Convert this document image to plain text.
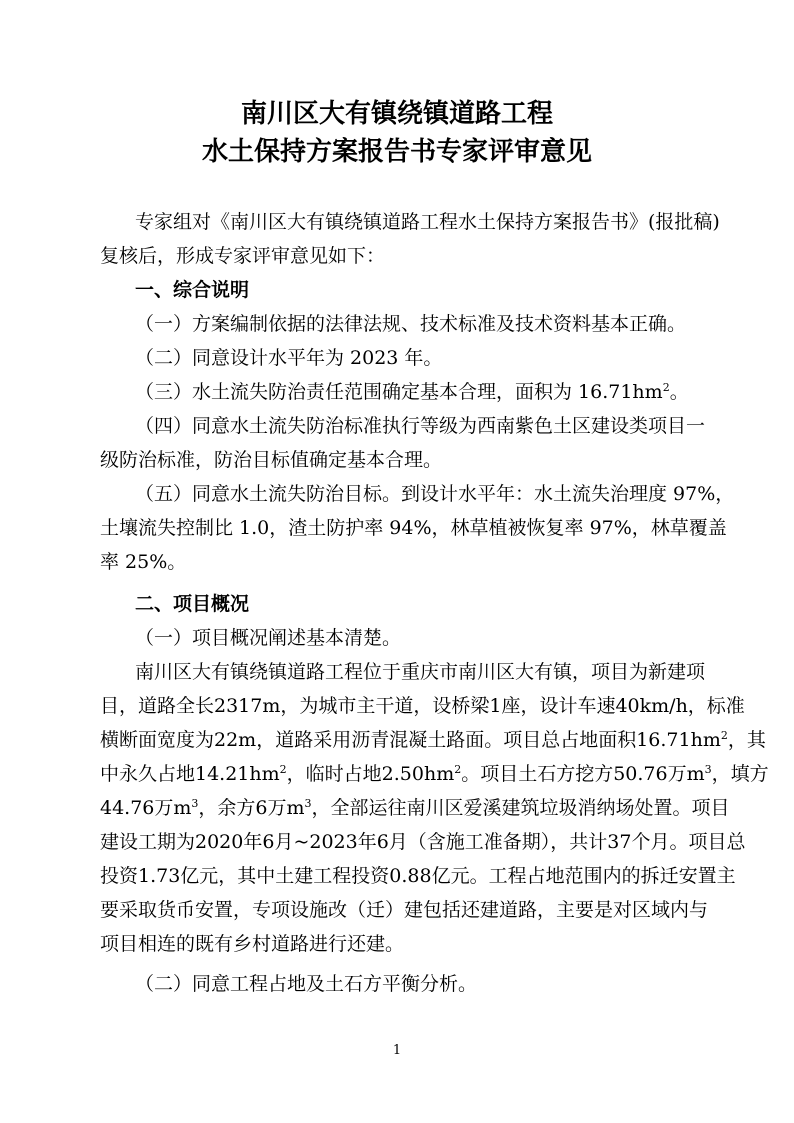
南川区大有镇绕镇道路工程
水土保持方案报告书专家评审意见
专家组对《南川区大有镇绕镇道路工程水土保持方案报告书》(报批稿)
复核后，形成专家评审意见如下：
一、综合说明
（一）方案编制依据的法律法规、技术标准及技术资料基本正确。
（二）同意设计水平年为 2023 年。
（三）水土流失防治责任范围确定基本合理，面积为 $16.71hm^2$。
（四）同意水土流失防治标准执行等级为西南紫色土区建设类项目一
级防治标准，防治目标值确定基本合理。
（五）同意水土流失防治目标。到设计水平年：水土流失治理度 97%，
土壤流失控制比 1.0，渣土防护率 94%，林草植被恢复率 97%，林草覆盖
率 25%。
二、项目概况
（一）项目概况阐述基本清楚。
南川区大有镇绕镇道路工程位于重庆市南川区大有镇，项目为新建项
目，道路全长2317m，为城市主干道，设桥梁1座，设计车速40km/h，标准
横断面宽度为22m，道路采用沥青混凝土路面。项目总占地面积$16.71hm^2$，其
中永久占地$14.21hm^2$，临时占地$2.50hm^2$。项目土石方挖方50.76万$m^3$，填方
44.76万$m^3$，余方6万$m^3$，全部运往南川区爱溪建筑垃圾消纳场处置。项目
建设工期为2020年6月~2023年6月（含施工准备期），共计37个月。项目总
投资1.73亿元，其中土建工程投资0.88亿元。工程占地范围内的拆迁安置主
要采取货币安置，专项设施改（迁）建包括还建道路，主要是对区域内与
项目相连的既有乡村道路进行还建。
（二）同意工程占地及土石方平衡分析。
1
